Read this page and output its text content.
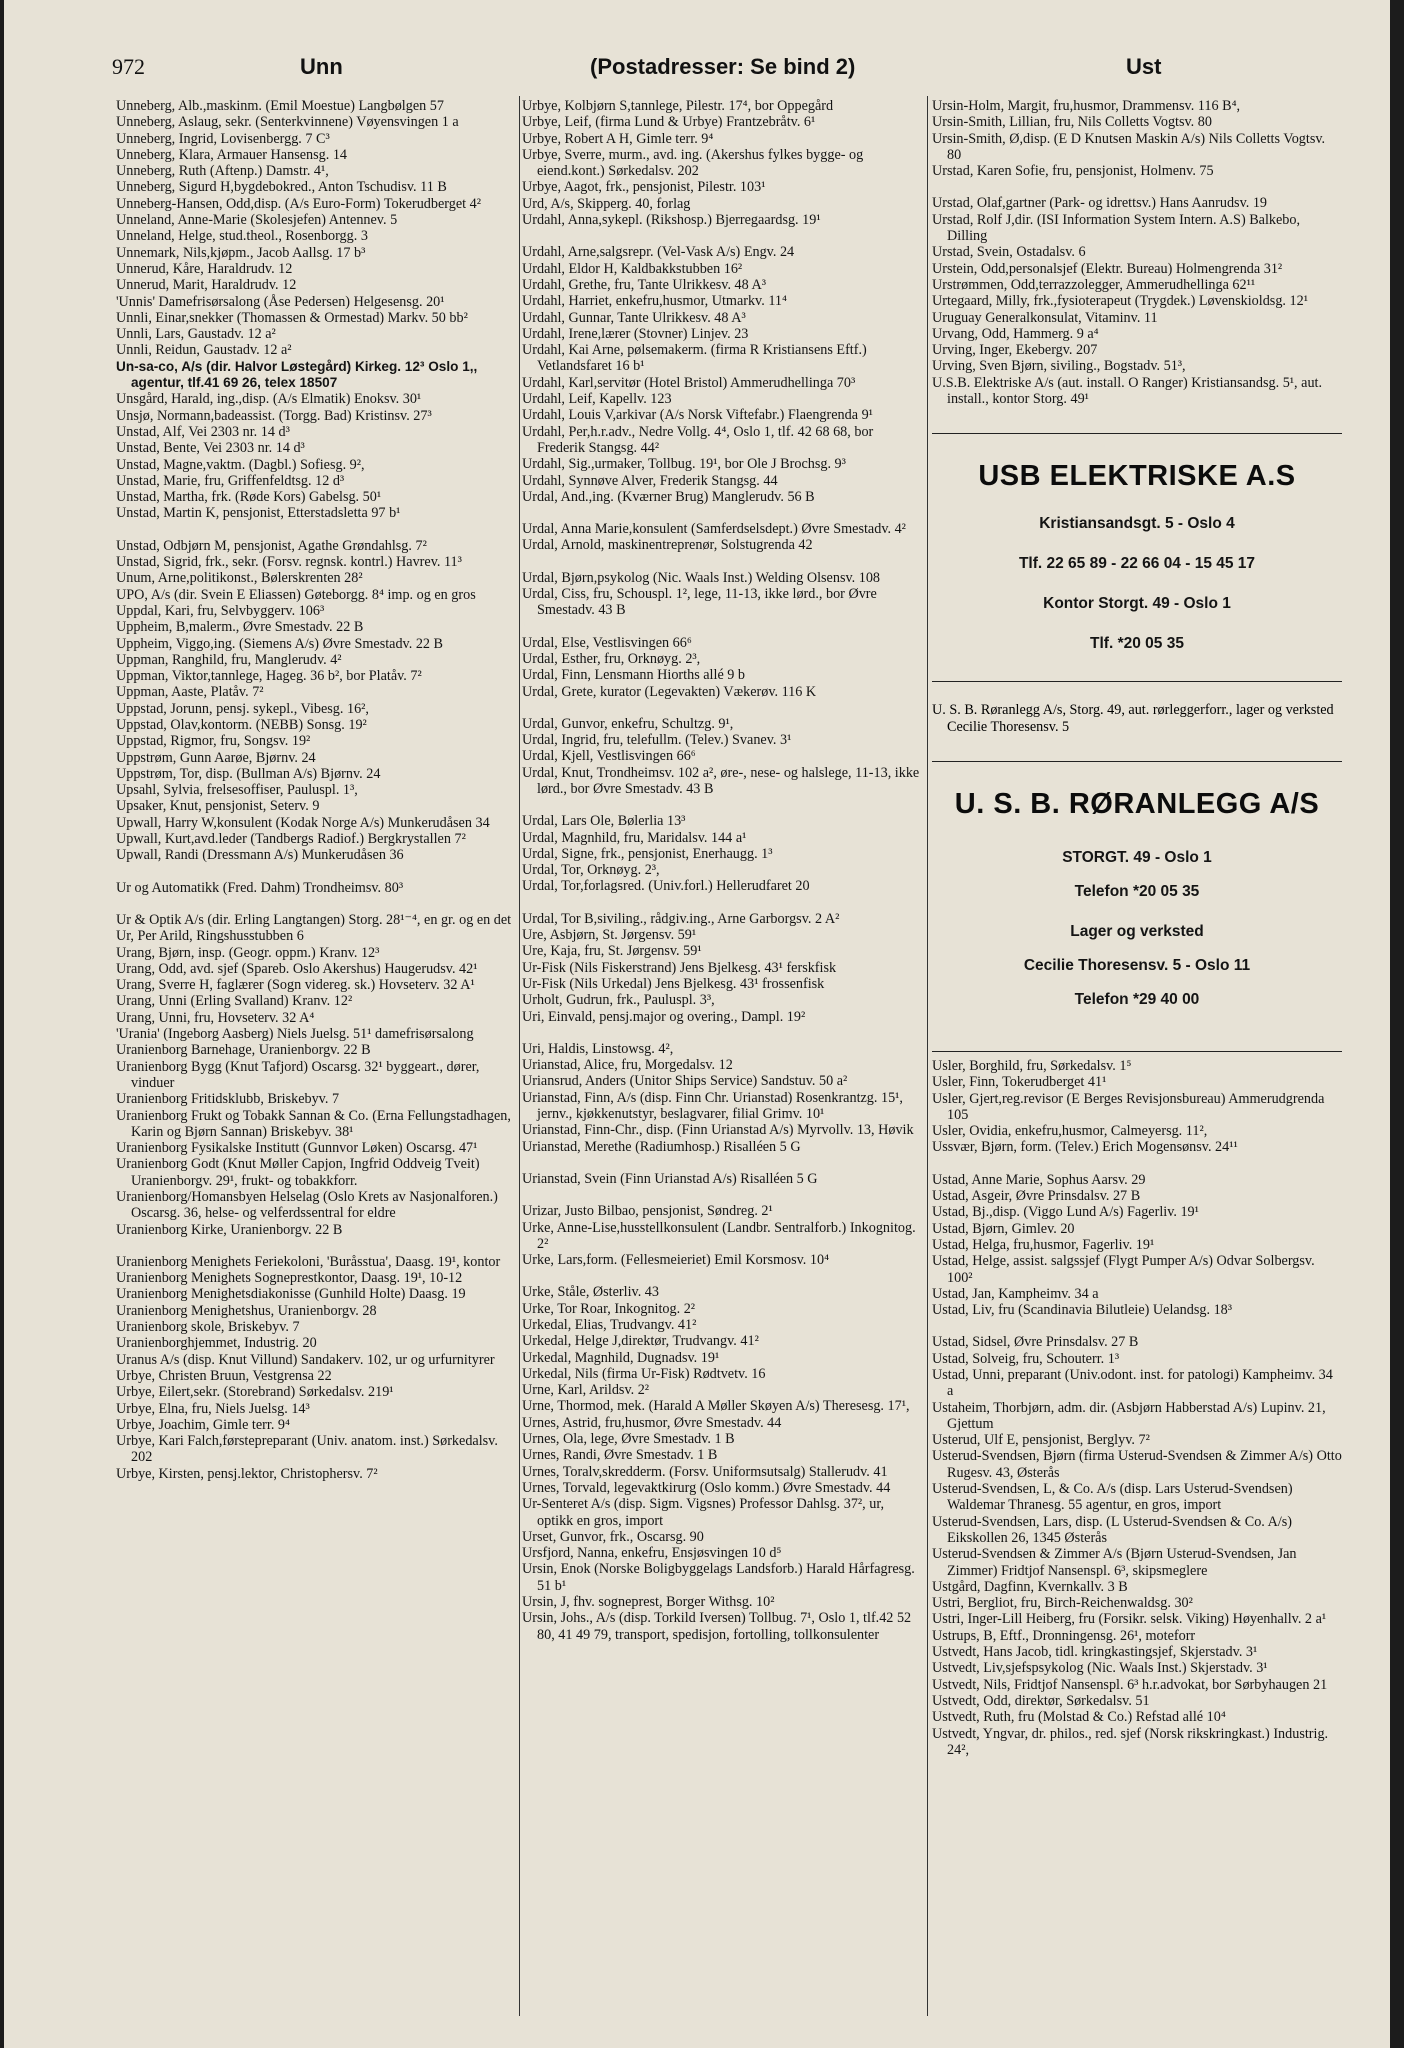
972	Unn	(Postadresser: Se bind 2)	Ust

Unneberg, Alb.,maskinm. (Emil Moestue) Langbølgen 57

Unneberg, Aslaug, sekr. (Senterkvinnene) Vøyensvingen 1 a

Unneberg, Ingrid, Lovisenbergg. 7 C³

Unneberg, Klara, Armauer Hansensg. 14

Unneberg, Ruth (Aftenp.) Damstr. 4¹,

Unneberg, Sigurd H,bygdebokred., Anton Tschudisv. 11 B

Unneberg-Hansen, Odd,disp. (A/s Euro-Form) Tokerudberget 4²

Unneland, Anne-Marie (Skolesjefen) Antennev. 5

Unneland, Helge, stud.theol., Rosenborgg. 3

Unnemark, Nils,kjøpm., Jacob Aallsg. 17 b³

Unnerud, Kåre, Haraldrudv. 12

Unnerud, Marit, Haraldrudv. 12

'Unnis' Damefrisørsalong (Åse Pedersen) Helgesensg. 20¹

Unnli, Einar,snekker (Thomassen & Ormestad) Markv. 50 bb²

Unnli, Lars, Gaustadv. 12 a²

Unnli, Reidun, Gaustadv. 12 a²

Un-sa-co, A/s (dir. Halvor Løstegård) Kirkeg. 12³ Oslo 1,, agentur, tlf.41 69 26, telex 18507

Unsgård, Harald, ing.,disp. (A/s Elmatik) Enoksv. 30¹

Unsjø, Normann,badeassist. (Torgg. Bad) Kristinsv. 27³

Unstad, Alf, Vei 2303 nr. 14 d³

Unstad, Bente, Vei 2303 nr. 14 d³

Unstad, Magne,vaktm. (Dagbl.) Sofiesg. 9²,

Unstad, Marie, fru, Griffenfeldtsg. 12 d³

Unstad, Martha, frk. (Røde Kors) Gabelsg. 50¹

Unstad, Martin K, pensjonist, Etterstadsletta 97 b¹

Unstad, Odbjørn M, pensjonist, Agathe Grøndahlsg. 7²

Unstad, Sigrid, frk., sekr. (Forsv. regnsk. kontrl.) Havrev. 11³

Unum, Arne,politikonst., Bølerskrenten 28²

UPO, A/s (dir. Svein E Eliassen) Gøteborgg. 8⁴ imp. og en gros

Uppdal, Kari, fru, Selvbyggerv. 106³

Uppheim, B,malerm., Øvre Smestadv. 22 B

Uppheim, Viggo,ing. (Siemens A/s) Øvre Smestadv. 22 B

Uppman, Ranghild, fru, Manglerudv. 4²

Uppman, Viktor,tannlege, Hageg. 36 b², bor Platåv. 7²

Uppman, Aaste, Platåv. 7²

Uppstad, Jorunn, pensj. sykepl., Vibesg. 16²,

Uppstad, Olav,kontorm. (NEBB) Sonsg. 19²

Uppstad, Rigmor, fru, Songsv. 19²

Uppstrøm, Gunn Aarøe, Bjørnv. 24

Uppstrøm, Tor, disp. (Bullman A/s) Bjørnv. 24

Upsahl, Sylvia, frelsesoffiser, Pauluspl. 1³,

Upsaker, Knut, pensjonist, Seterv. 9

Upwall, Harry W,konsulent (Kodak Norge A/s) Munkerudåsen 34

Upwall, Kurt,avd.leder (Tandbergs Radiof.) Bergkrystallen 7²

Upwall, Randi (Dressmann A/s) Munkerudåsen 36

Ur og Automatikk (Fred. Dahm) Trondheimsv. 80³

Ur & Optik A/s (dir. Erling Langtangen) Storg. 28¹⁻⁴, en gr. og en det

Ur, Per Arild, Ringshusstubben 6

Urang, Bjørn, insp. (Geogr. oppm.) Kranv. 12³

Urang, Odd, avd. sjef (Spareb. Oslo Akershus) Haugerudsv. 42¹

Urang, Sverre H, faglærer (Sogn videreg. sk.) Hovseterv. 32 A¹

Urang, Unni (Erling Svalland) Kranv. 12²

Urang, Unni, fru, Hovseterv. 32 A⁴

'Urania' (Ingeborg Aasberg) Niels Juelsg. 51¹ damefrisørsalong

Uranienborg Barnehage, Uranienborgv. 22 B

Uranienborg Bygg (Knut Tafjord) Oscarsg. 32¹ byggeart., dører, vinduer

Uranienborg Fritidsklubb, Briskebyv. 7

Uranienborg Frukt og Tobakk Sannan & Co. (Erna Fellungstadhagen, Karin og Bjørn Sannan) Briskebyv. 38¹

Uranienborg Fysikalske Institutt (Gunnvor Løken) Oscarsg. 47¹

Uranienborg Godt (Knut Møller Capjon, Ingfrid Oddveig Tveit) Uranienborgv. 29¹, frukt- og tobakkforr.

Uranienborg/Homansbyen Helselag (Oslo Krets av Nasjonalforen.) Oscarsg. 36, helse- og velferdssentral for eldre

Uranienborg Kirke, Uranienborgv. 22 B

Uranienborg Menighets Feriekoloni, 'Buråsstua', Daasg. 19¹, kontor

Uranienborg Menighets Sogneprestkontor, Daasg. 19¹, 10-12

Uranienborg Menighetsdiakonisse (Gunhild Holte) Daasg. 19

Uranienborg Menighetshus, Uranienborgv. 28

Uranienborg skole, Briskebyv. 7

Uranienborghjemmet, Industrig. 20

Uranus A/s (disp. Knut Villund) Sandakerv. 102, ur og urfurnityrer

Urbye, Christen Bruun, Vestgrensa 22

Urbye, Eilert,sekr. (Storebrand) Sørkedalsv. 219¹

Urbye, Elna, fru, Niels Juelsg. 14³

Urbye, Joachim, Gimle terr. 9⁴

Urbye, Kari Falch,førstepreparant (Univ. anatom. inst.) Sørkedalsv. 202

Urbye, Kirsten, pensj.lektor, Christophersv. 7²

Urbye, Kolbjørn S,tannlege, Pilestr. 17⁴, bor Oppegård

Urbye, Leif, (firma Lund & Urbye) Frantzebråtv. 6¹

Urbye, Robert A H, Gimle terr. 9⁴

Urbye, Sverre, murm., avd. ing. (Akershus fylkes bygge- og eiend.kont.) Sørkedalsv. 202

Urbye, Aagot, frk., pensjonist, Pilestr. 103¹

Urd, A/s, Skipperg. 40, forlag

Urdahl, Anna,sykepl. (Rikshosp.) Bjerregaardsg. 19¹

Urdahl, Arne,salgsrepr. (Vel-Vask A/s) Engv. 24

Urdahl, Eldor H, Kaldbakkstubben 16²

Urdahl, Grethe, fru, Tante Ulrikkesv. 48 A³

Urdahl, Harriet, enkefru,husmor, Utmarkv. 11⁴

Urdahl, Gunnar, Tante Ulrikkesv. 48 A³

Urdahl, Irene,lærer (Stovner) Linjev. 23

Urdahl, Kai Arne, pølsemakerm. (firma R Kristiansens Eftf.) Vetlandsfaret 16 b¹

Urdahl, Karl,servitør (Hotel Bristol) Ammerudhellinga 70³

Urdahl, Leif, Kapellv. 123

Urdahl, Louis V,arkivar (A/s Norsk Viftefabr.) Flaengrenda 9¹

Urdahl, Per,h.r.adv., Nedre Vollg. 4⁴, Oslo 1, tlf. 42 68 68, bor Frederik Stangsg. 44²

Urdahl, Sig.,urmaker, Tollbug. 19¹, bor Ole J Brochsg. 9³

Urdahl, Synnøve Alver, Frederik Stangsg. 44

Urdal, And.,ing. (Kværner Brug) Manglerudv. 56 B

Urdal, Anna Marie,konsulent (Samferdselsdept.) Øvre Smestadv. 4²

Urdal, Arnold, maskinentreprenør, Solstugrenda 42

Urdal, Bjørn,psykolog (Nic. Waals Inst.) Welding Olsensv. 108

Urdal, Ciss, fru, Schouspl. 1², lege, 11-13, ikke lørd., bor Øvre Smestadv. 43 B

Urdal, Else, Vestlisvingen 66⁶

Urdal, Esther, fru, Orknøyg. 2³,

Urdal, Finn, Lensmann Hiorths allé 9 b

Urdal, Grete, kurator (Legevakten) Vækerøv. 116 K

Urdal, Gunvor, enkefru, Schultzg. 9¹,

Urdal, Ingrid, fru, telefullm. (Telev.) Svanev. 3¹

Urdal, Kjell, Vestlisvingen 66⁶

Urdal, Knut, Trondheimsv. 102 a², øre-, nese- og halslege, 11-13, ikke lørd., bor Øvre Smestadv. 43 B

Urdal, Lars Ole, Bølerlia 13³

Urdal, Magnhild, fru, Maridalsv. 144 a¹

Urdal, Signe, frk., pensjonist, Enerhaugg. 1³

Urdal, Tor, Orknøyg. 2³,

Urdal, Tor,forlagsred. (Univ.forl.) Hellerudfaret 20

Urdal, Tor B,siviling., rådgiv.ing., Arne Garborgsv. 2 A²

Ure, Asbjørn, St. Jørgensv. 59¹

Ure, Kaja, fru, St. Jørgensv. 59¹

Ur-Fisk (Nils Fiskerstrand) Jens Bjelkesg. 43¹ ferskfisk

Ur-Fisk (Nils Urkedal) Jens Bjelkesg. 43¹ frossenfisk

Urholt, Gudrun, frk., Pauluspl. 3³,

Uri, Einvald, pensj.major og overing., Dampl. 19²

Uri, Haldis, Linstowsg. 4²,

Urianstad, Alice, fru, Morgedalsv. 12

Uriansrud, Anders (Unitor Ships Service) Sandstuv. 50 a²

Urianstad, Finn, A/s (disp. Finn Chr. Urianstad) Rosenkrantzg. 15¹, jernv., kjøkkenutstyr, beslagvarer, filial Grimv. 10¹

Urianstad, Finn-Chr., disp. (Finn Urianstad A/s) Myrvollv. 13, Høvik

Urianstad, Merethe (Radiumhosp.) Risalléen 5 G

Urianstad, Svein (Finn Urianstad A/s) Risalléen 5 G

Urizar, Justo Bilbao, pensjonist, Søndreg. 2¹

Urke, Anne-Lise,husstellkonsulent (Landbr. Sentralforb.) Inkognitog. 2²

Urke, Lars,form. (Fellesmeieriet) Emil Korsmosv. 10⁴

Urke, Ståle, Østerliv. 43

Urke, Tor Roar, Inkognitog. 2²

Urkedal, Elias, Trudvangv. 41²

Urkedal, Helge J,direktør, Trudvangv. 41²

Urkedal, Magnhild, Dugnadsv. 19¹

Urkedal, Nils (firma Ur-Fisk) Rødtvetv. 16

Urne, Karl, Arildsv. 2²

Urne, Thormod, mek. (Harald A Møller Skøyen A/s) Theresesg. 17¹,

Urnes, Astrid, fru,husmor, Øvre Smestadv. 44

Urnes, Ola, lege, Øvre Smestadv. 1 B

Urnes, Randi, Øvre Smestadv. 1 B

Urnes, Toralv,skredderm. (Forsv. Uniformsutsalg) Stallerudv. 41

Urnes, Torvald, legevaktkirurg (Oslo komm.) Øvre Smestadv. 44

Ur-Senteret A/s (disp. Sigm. Vigsnes) Professor Dahlsg. 37², ur, optikk en gros, import

Urset, Gunvor, frk., Oscarsg. 90

Ursfjord, Nanna, enkefru, Ensjøsvingen 10 d⁵

Ursin, Enok (Norske Boligbyggelags Landsforb.) Harald Hårfagresg. 51 b¹

Ursin, J, fhv. sogneprest, Borger Withsg. 10²

Ursin, Johs., A/s (disp. Torkild Iversen) Tollbug. 7¹, Oslo 1, tlf.42 52 80, 41 49 79, transport, spedisjon, fortolling, tollkonsulenter

Ursin-Holm, Margit, fru,husmor, Drammensv. 116 B⁴,

Ursin-Smith, Lillian, fru, Nils Colletts Vogtsv. 80

Ursin-Smith, Ø,disp. (E D Knutsen Maskin A/s) Nils Colletts Vogtsv. 80

Urstad, Karen Sofie, fru, pensjonist, Holmenv. 75

Urstad, Olaf,gartner (Park- og idrettsv.) Hans Aanrudsv. 19

Urstad, Rolf J,dir. (ISI Information System Intern. A.S) Balkebo, Dilling

Urstad, Svein, Ostadalsv. 6

Urstein, Odd,personalsjef (Elektr. Bureau) Holmengrenda 31²

Urstrømmen, Odd,terrazzolegger, Ammerudhellinga 62¹¹

Urtegaard, Milly, frk.,fysioterapeut (Trygdek.) Løvenskioldsg. 12¹

Uruguay Generalkonsulat, Vitaminv. 11

Urvang, Odd, Hammerg. 9 a⁴

Urving, Inger, Ekebergv. 207

Urving, Sven Bjørn, siviling., Bogstadv. 51³,

U.S.B. Elektriske A/s (aut. install. O Ranger) Kristiansandsg. 5¹, aut. install., kontor Storg. 49¹

USB ELEKTRISKE A.S
Kristiansandsgt. 5 - Oslo 4
Tlf. 22 65 89 - 22 66 04 - 15 45 17
Kontor Storgt. 49 - Oslo 1
Tlf. *20 05 35
U. S. B. Røranlegg A/s, Storg. 49, aut. rørleggerforr., lager og verksted Cecilie Thoresensv. 5
U. S. B. RØRANLEGG A/S
STORGT. 49 - Oslo 1
Telefon *20 05 35
Lager og verksted
Cecilie Thoresensv. 5 - Oslo 11
Telefon *29 40 00

Usler, Borghild, fru, Sørkedalsv. 1⁵

Usler, Finn, Tokerudberget 41¹

Usler, Gjert,reg.revisor (E Berges Revisjonsbureau) Ammerudgrenda 105

Usler, Ovidia, enkefru,husmor, Calmeyersg. 11²,

Ussvær, Bjørn, form. (Telev.) Erich Mogensønsv. 24¹¹

Ustad, Anne Marie, Sophus Aarsv. 29

Ustad, Asgeir, Øvre Prinsdalsv. 27 B

Ustad, Bj.,disp. (Viggo Lund A/s) Fagerliv. 19¹

Ustad, Bjørn, Gimlev. 20

Ustad, Helga, fru,husmor, Fagerliv. 19¹

Ustad, Helge, assist. salgssjef (Flygt Pumper A/s) Odvar Solbergsv. 100²

Ustad, Jan, Kampheimv. 34 a

Ustad, Liv, fru (Scandinavia Bilutleie) Uelandsg. 18³

Ustad, Sidsel, Øvre Prinsdalsv. 27 B

Ustad, Solveig, fru, Schouterr. 1³

Ustad, Unni, preparant (Univ.odont. inst. for patologi) Kampheimv. 34 a

Ustaheim, Thorbjørn, adm. dir. (Asbjørn Habberstad A/s) Lupinv. 21, Gjettum

Usterud, Ulf E, pensjonist, Berglyv. 7²

Usterud-Svendsen, Bjørn (firma Usterud-Svendsen & Zimmer A/s) Otto Rugesv. 43, Østerås

Usterud-Svendsen, L, & Co. A/s (disp. Lars Usterud-Svendsen) Waldemar Thranesg. 55 agentur, en gros, import

Usterud-Svendsen, Lars, disp. (L Usterud-Svendsen & Co. A/s) Eikskollen 26, 1345 Østerås

Usterud-Svendsen & Zimmer A/s (Bjørn Usterud-Svendsen, Jan Zimmer) Fridtjof Nansenspl. 6³, skipsmeglere

Ustgård, Dagfinn, Kvernkallv. 3 B

Ustri, Bergliot, fru, Birch-Reichenwaldsg. 30²

Ustri, Inger-Lill Heiberg, fru (Forsikr. selsk. Viking) Høyenhallv. 2 a¹

Ustrups, B, Eftf., Dronningensg. 26¹, moteforr

Ustvedt, Hans Jacob, tidl. kringkastingsjef, Skjerstadv. 3¹

Ustvedt, Liv,sjefspsykolog (Nic. Waals Inst.) Skjerstadv. 3¹

Ustvedt, Nils, Fridtjof Nansenspl. 6³ h.r.advokat, bor Sørbyhaugen 21

Ustvedt, Odd, direktør, Sørkedalsv. 51

Ustvedt, Ruth, fru (Molstad & Co.) Refstad allé 10⁴

Ustvedt, Yngvar, dr. philos., red. sjef (Norsk rikskringkast.) Industrig. 24²,
